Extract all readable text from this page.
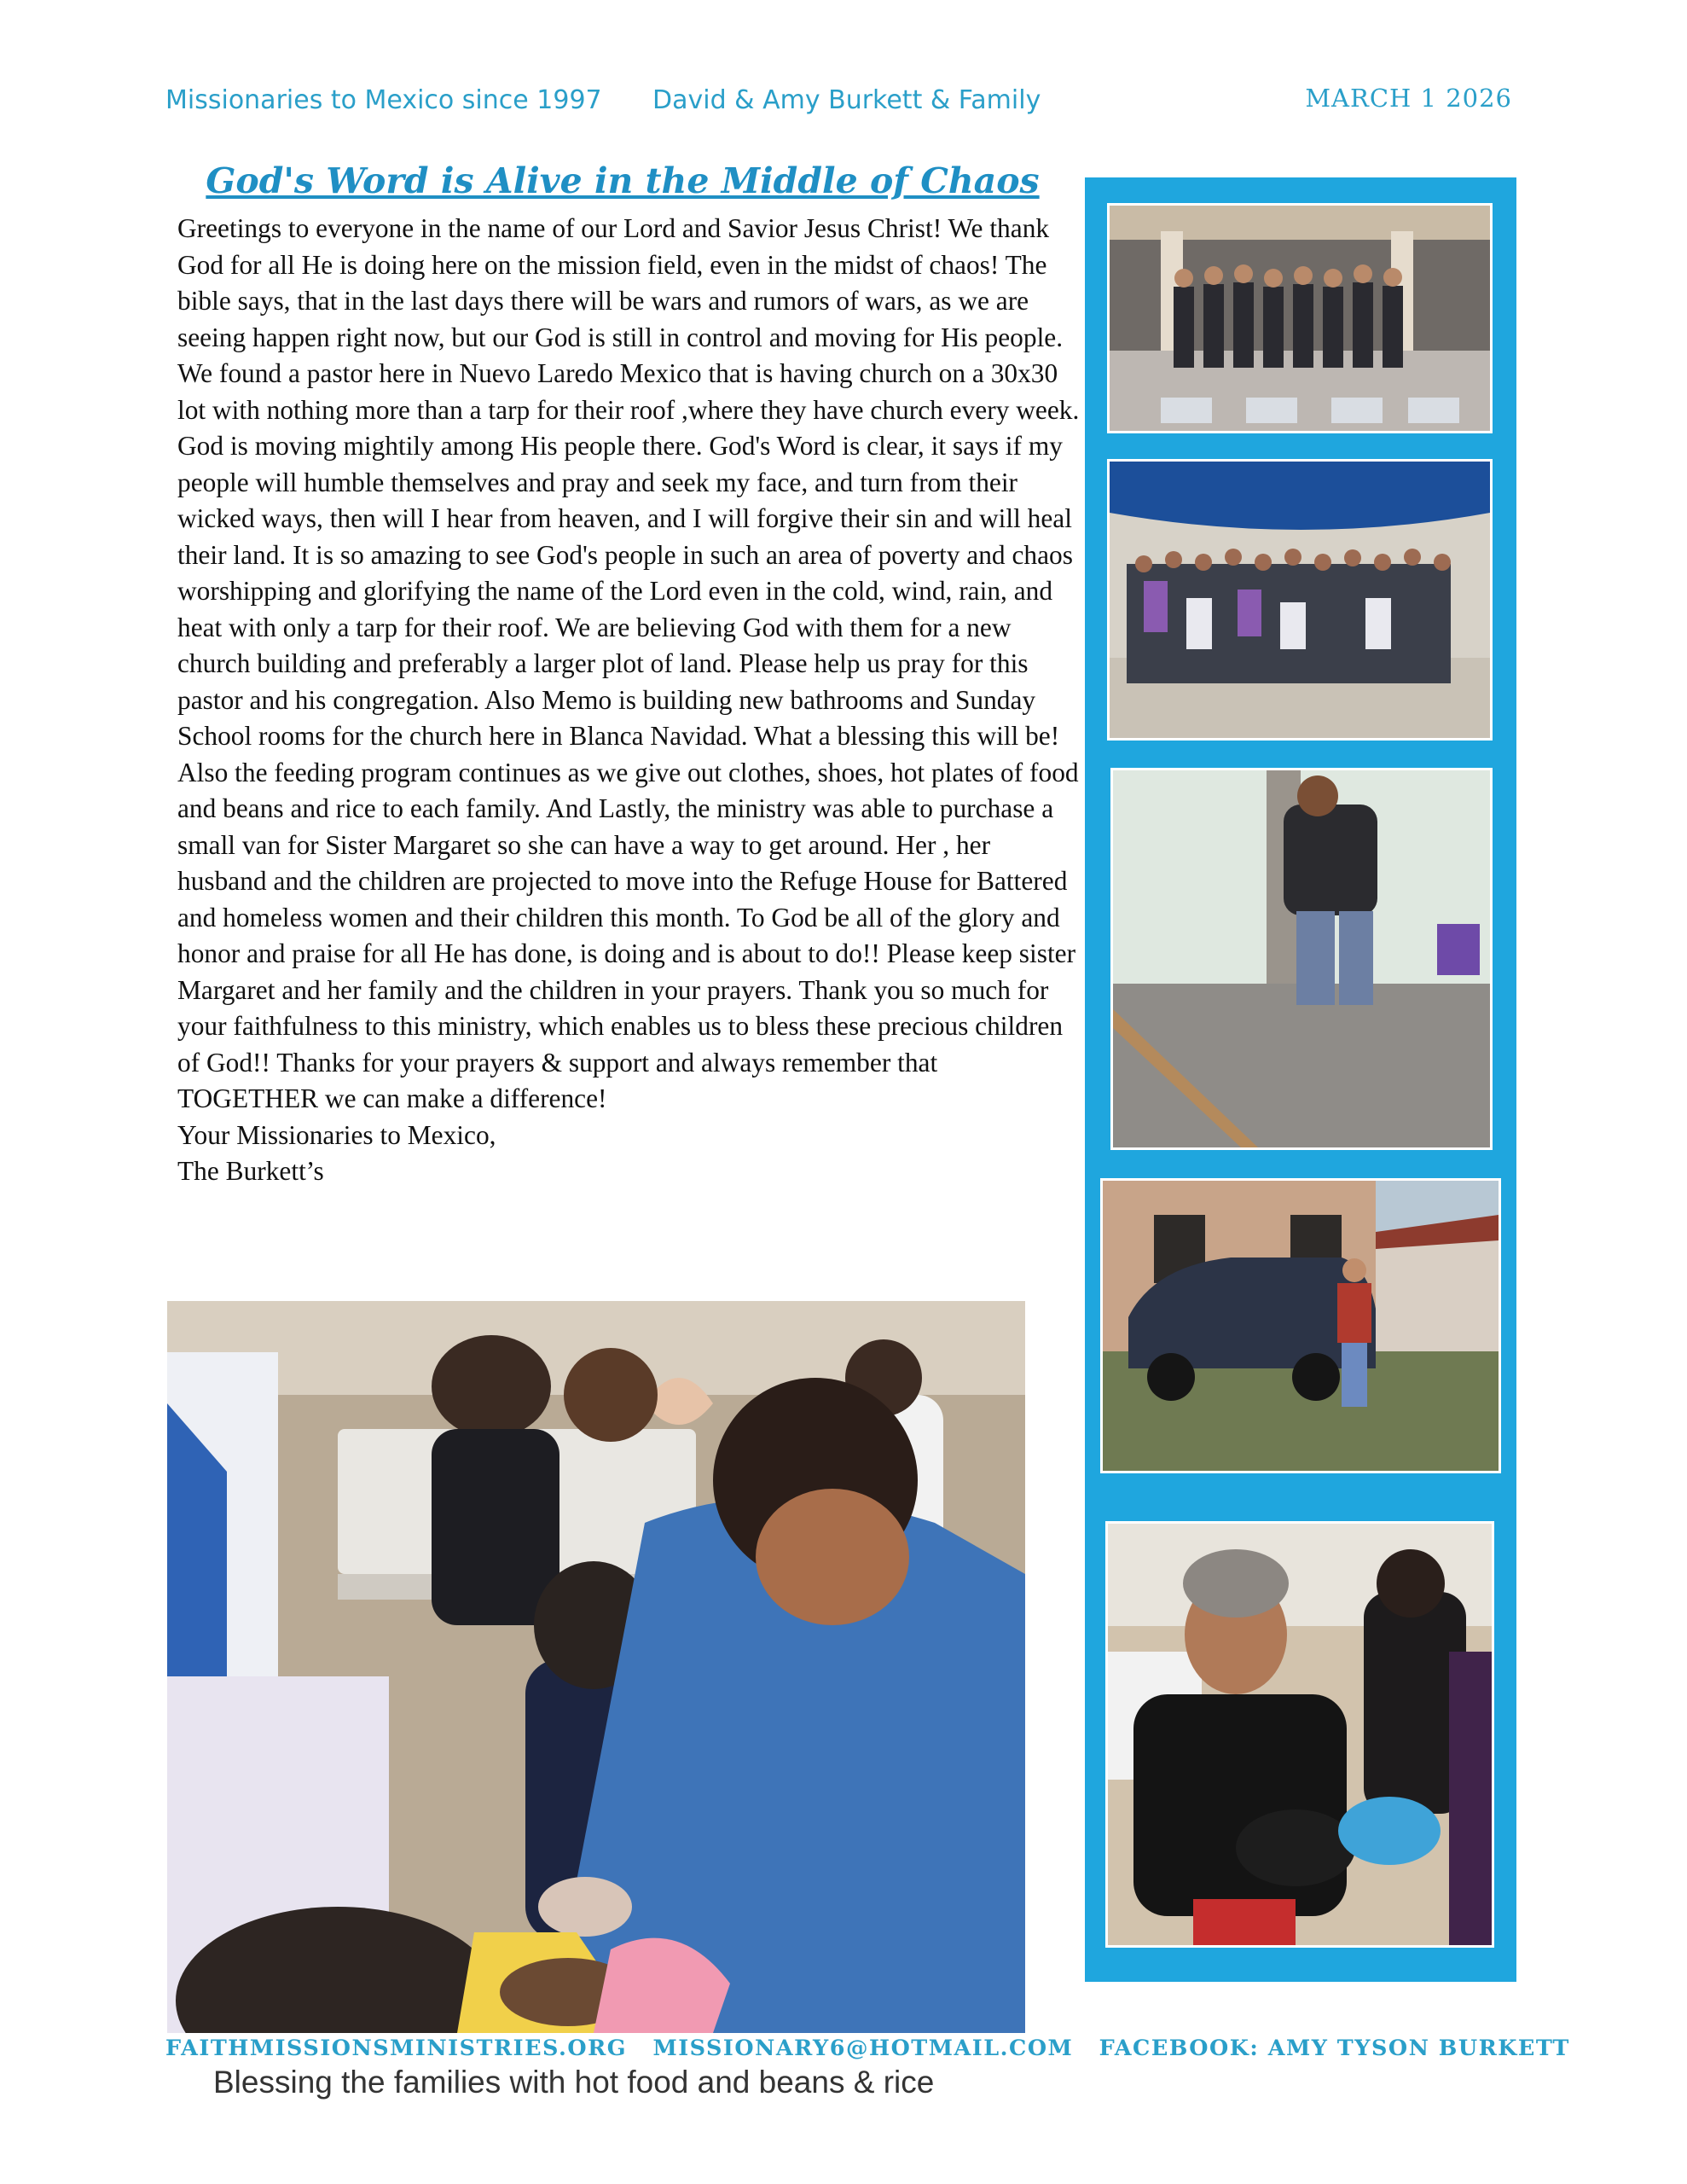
Missionaries to Mexico since 1997 David & Amy Burkett & Family	MARCH 1 2026
God's Word is Alive in the Middle of Chaos

Greetings to everyone in the name of our Lord and Savior Jesus Christ! We thank God for all He is doing here on the mission field, even in the midst of chaos! The bible says, that in the last days there will be wars and rumors of wars, as we are seeing happen right now, but our God is still in control and moving for His people. We found a pastor here in Nuevo Laredo Mexico that is having church on a 30x30 lot with nothing more than a tarp for their roof ,where they have church every week. God is moving mightily among His people there. God's Word is clear, it says if my people will humble themselves and pray and seek my face, and turn from their wicked ways, then will I hear from heaven, and I will forgive their sin and will heal their land. It is so amazing to see God's people in such an area of poverty and chaos worshipping and glorifying the name of the Lord even in the cold, wind, rain, and heat with only a tarp for their roof. We are believing God with them for a new church building and preferably a larger plot of land. Please help us pray for this pastor and his congregation. Also Memo is building new bathrooms and Sunday School rooms for the church here in Blanca Navidad. What a blessing this will be! Also the feeding program continues as we give out clothes, shoes, hot plates of food and beans and rice to each family. And Lastly, the ministry was able to purchase a small van for Sister Margaret so she can have a way to get around. Her , her husband and the children are projected to move into the Refuge House for Battered and homeless women and their children this month. To God be all of the glory and honor and praise for all He has done, is doing and is about to do!! Please keep sister Margaret and her family and the children in your prayers. Thank you so much for your faithfulness to this ministry, which enables us to bless these precious children of God!! Thanks for your prayers & support and always remember that TOGETHER we can make a difference!

Your Missionaries to Mexico,

The Burkett’s

FAITHMISSIONSMINISTRIES.ORG MISSIONARY6@HOTMAIL.COM FACEBOOK: AMY TYSON BURKETT
Blessing the families with hot food and beans & rice
